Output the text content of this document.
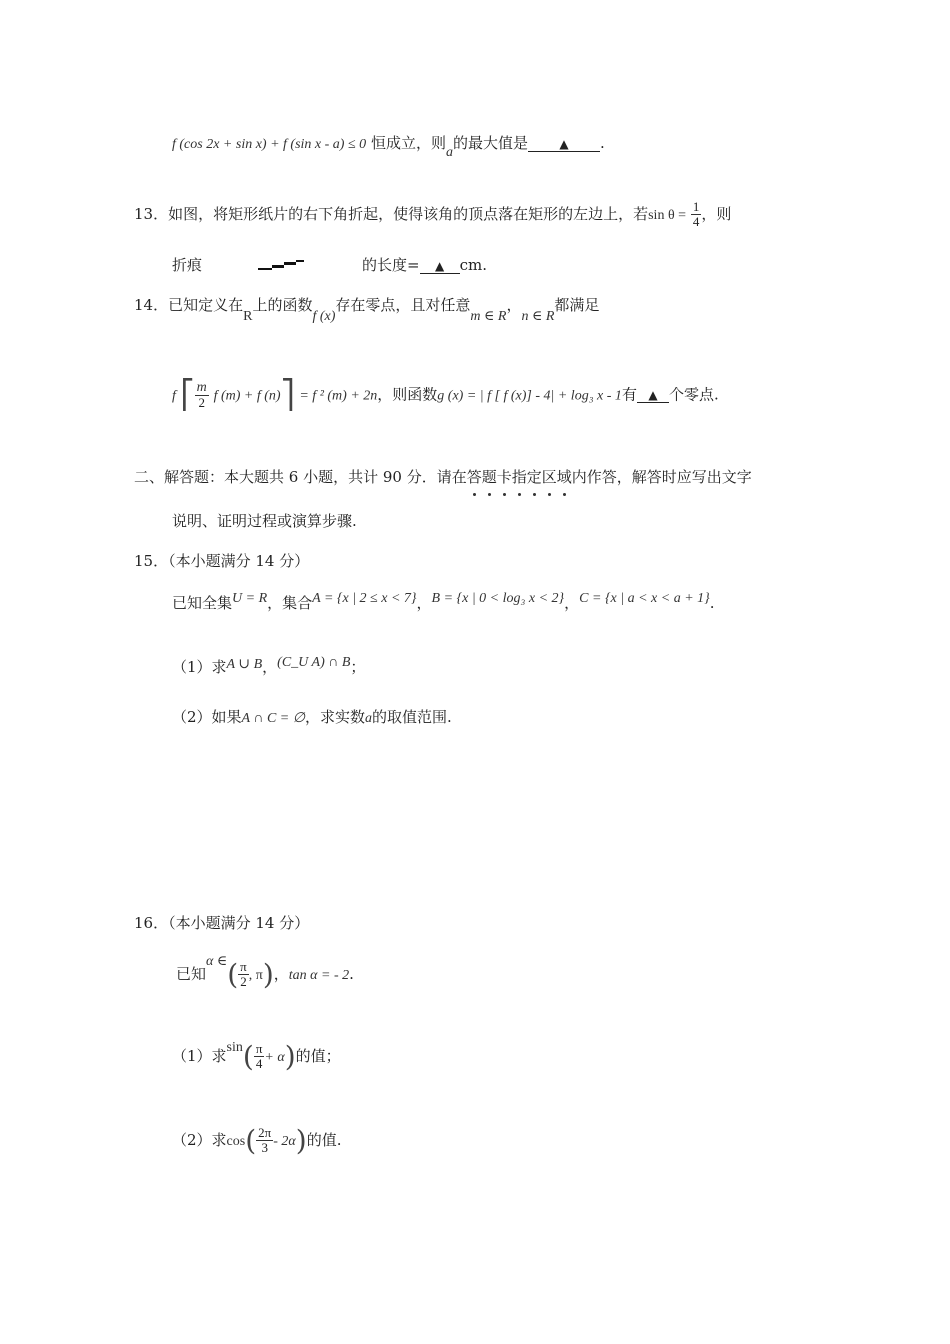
f (cos 2x + sin x) + f (sin x - a) ≤ 0 恒成立，则a的最大值是	▲ .
13．如图，将矩形纸片的右下角折起，使得该角的顶点落在矩形的左边上，若$\sin \theta = \frac{1}{4}$ ，则
折痕	的长度= ▲ cm.
14．已知定义在R上的函数f (x)存在零点，且对任意m ∈ R，n ∈ R都满足
f ⎡ $\frac{m}{2}$ f (m) + f (n)⎤ = f ² (m) + 2n，则函数g (x) = | f [ f (x)] - 4| + log₃ x - 1有 ▲ 个零点.
二、解答题：本大题共 6 小题，共计 90 分．请在答题卡指定区域
内作答，解答时应写出文字
说明、证明过程或演算步骤.
15．（本小题满分 14 分）
已知全集U = R，集合A = {x | 2 ≤ x < 7}，B = {x | 0 < log₃ x < 2}，C = {x | a < x < a + 1}.
（1）求A ∪ B，(C_U A) ∩ B；
（2）如果A ∩ C = ∅，求实数a的取值范围.
16．（本小题满分 14 分）
已知α ∈( $\frac{\pi}{2}$ , π)，tan α = - 2.
（1）求$\sin( \frac{\pi}{4} + \alpha)$的值；
（2）求$\cos( \frac{2\pi}{3} - 2\alpha)$的值.
